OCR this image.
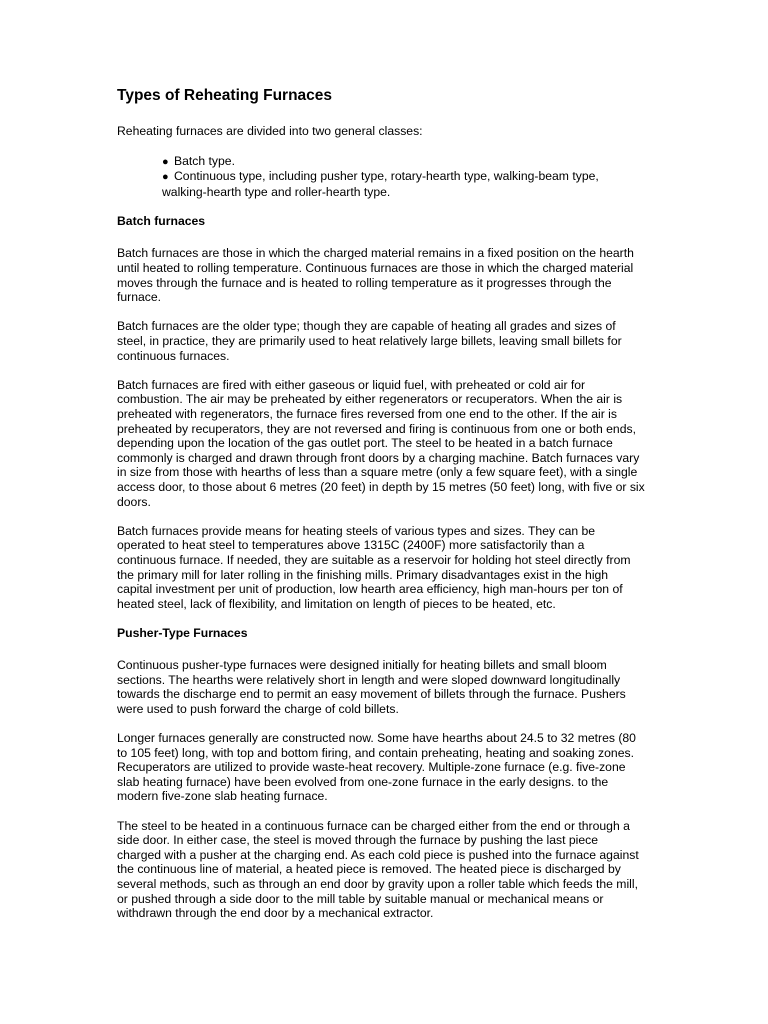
Types of Reheating Furnaces

Reheating furnaces are divided into two general classes:

● Batch type.
● Continuous type, including pusher type, rotary-hearth type, walking-beam type, walking-hearth type and roller-hearth type.
Batch furnaces

Batch furnaces are those in which the charged material remains in a fixed position on the hearth until heated to rolling temperature. Continuous furnaces are those in which the charged material moves through the furnace and is heated to rolling temperature as it progresses through the furnace.

Batch furnaces are the older type; though they are capable of heating all grades and sizes of steel, in practice, they are primarily used to heat relatively large billets, leaving small billets for continuous furnaces.

Batch furnaces are fired with either gaseous or liquid fuel, with preheated or cold air for combustion. The air may be preheated by either regenerators or recuperators. When the air is preheated with regenerators, the furnace fires reversed from one end to the other. If the air is preheated by recuperators, they are not reversed and firing is continuous from one or both ends, depending upon the location of the gas outlet port. The steel to be heated in a batch furnace commonly is charged and drawn through front doors by a charging machine. Batch furnaces vary in size from those with hearths of less than a square metre (only a few square feet), with a single access door, to those about 6 metres (20 feet) in depth by 15 metres (50 feet) long, with five or six doors.

Batch furnaces provide means for heating steels of various types and sizes. They can be operated to heat steel to temperatures above 1315C (2400F) more satisfactorily than a continuous furnace. If needed, they are suitable as a reservoir for holding hot steel directly from the primary mill for later rolling in the finishing mills. Primary disadvantages exist in the high capital investment per unit of production, low hearth area efficiency, high man-hours per ton of heated steel, lack of flexibility, and limitation on length of pieces to be heated, etc.

Pusher-Type Furnaces

Continuous pusher-type furnaces were designed initially for heating billets and small bloom sections. The hearths were relatively short in length and were sloped downward longitudinally towards the discharge end to permit an easy movement of billets through the furnace. Pushers were used to push forward the charge of cold billets.

Longer furnaces generally are constructed now. Some have hearths about 24.5 to 32 metres (80 to 105 feet) long, with top and bottom firing, and contain preheating, heating and soaking zones. Recuperators are utilized to provide waste-heat recovery. Multiple-zone furnace (e.g. five-zone slab heating furnace) have been evolved from one-zone furnace in the early designs. to the modern five-zone slab heating furnace.

The steel to be heated in a continuous furnace can be charged either from the end or through a side door. In either case, the steel is moved through the furnace by pushing the last piece charged with a pusher at the charging end. As each cold piece is pushed into the furnace against the continuous line of material, a heated piece is removed. The heated piece is discharged by several methods, such as through an end door by gravity upon a roller table which feeds the mill, or pushed through a side door to the mill table by suitable manual or mechanical means or withdrawn through the end door by a mechanical extractor.
